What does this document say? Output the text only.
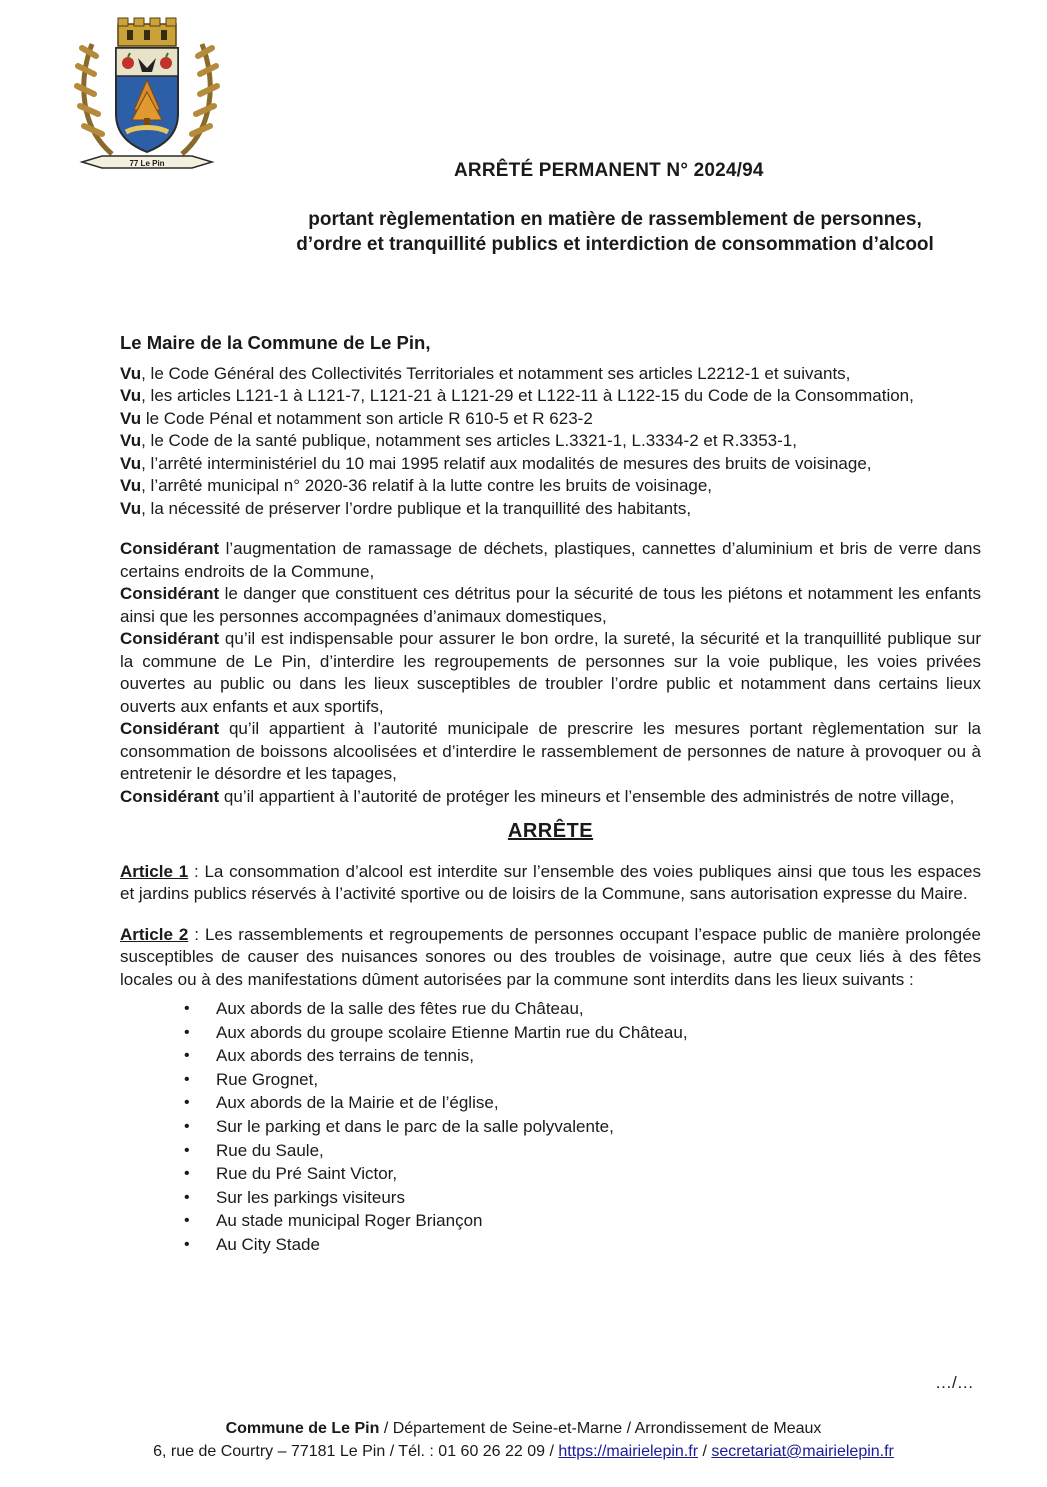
77 Le Pin	ARRÊTÉ PERMANENT N° 2024/94
portant règlementation en matière de rassemblement de personnes,
d’ordre et tranquillité publics et interdiction de consommation d’alcool
Le Maire de la Commune de Le Pin,

Vu, le Code Général des Collectivités Territoriales et notamment ses articles L2212-1 et suivants,

Vu, les articles L121-1 à L121-7, L121-21 à L121-29 et L122-11 à L122-15 du Code de la Consommation,

Vu le Code Pénal et notamment son article R 610-5 et R 623-2

Vu, le Code de la santé publique, notamment ses articles L.3321-1, L.3334-2 et R.3353-1,

Vu, l’arrêté interministériel du 10 mai 1995 relatif aux modalités de mesures des bruits de voisinage,

Vu, l’arrêté municipal n° 2020-36 relatif à la lutte contre les bruits de voisinage,

Vu, la nécessité de préserver l’ordre publique et la tranquillité des habitants,

Considérant l’augmentation de ramassage de déchets, plastiques, cannettes d’aluminium et bris de verre dans certains endroits de la Commune,

Considérant le danger que constituent ces détritus pour la sécurité de tous les piétons et notamment les enfants ainsi que les personnes accompagnées d’animaux domestiques,

Considérant qu’il est indispensable pour assurer le bon ordre, la sureté, la sécurité et la tranquillité publique sur la commune de Le Pin, d’interdire les regroupements de personnes sur la voie publique, les voies privées ouvertes au public ou dans les lieux susceptibles de troubler l’ordre public et notamment dans certains lieux ouverts aux enfants et aux sportifs,

Considérant qu’il appartient à l’autorité municipale de prescrire les mesures portant règlementation sur la consommation de boissons alcoolisées et d’interdire le rassemblement de personnes de nature à provoquer ou à entretenir le désordre et les tapages,

Considérant qu’il appartient à l’autorité de protéger les mineurs et l’ensemble des administrés de notre village,

ARRÊTE

Article 1 : La consommation d’alcool est interdite sur l’ensemble des voies publiques ainsi que tous les espaces et jardins publics réservés à l’activité sportive ou de loisirs de la Commune, sans autorisation expresse du Maire.

Article 2 : Les rassemblements et regroupements de personnes occupant l’espace public de manière prolongée susceptibles de causer des nuisances sonores ou des troubles de voisinage, autre que ceux liés à des fêtes locales ou à des manifestations dûment autorisées par la commune sont interdits dans les lieux suivants :

• Aux abords de la salle des fêtes rue du Château,
• Aux abords du groupe scolaire Etienne Martin rue du Château,
• Aux abords des terrains de tennis,
• Rue Grognet,
• Aux abords de la Mairie et de l’église,
• Sur le parking et dans le parc de la salle polyvalente,
• Rue du Saule,
• Rue du Pré Saint Victor,
• Sur les parkings visiteurs
• Au stade municipal Roger Briançon
• Au City Stade
…/…
Commune de Le Pin / Département de Seine-et-Marne / Arrondissement de Meaux
6, rue de Courtry – 77181 Le Pin / Tél. : 01 60 26 22 09 / https://mairielepin.fr / secretariat@mairielepin.fr
